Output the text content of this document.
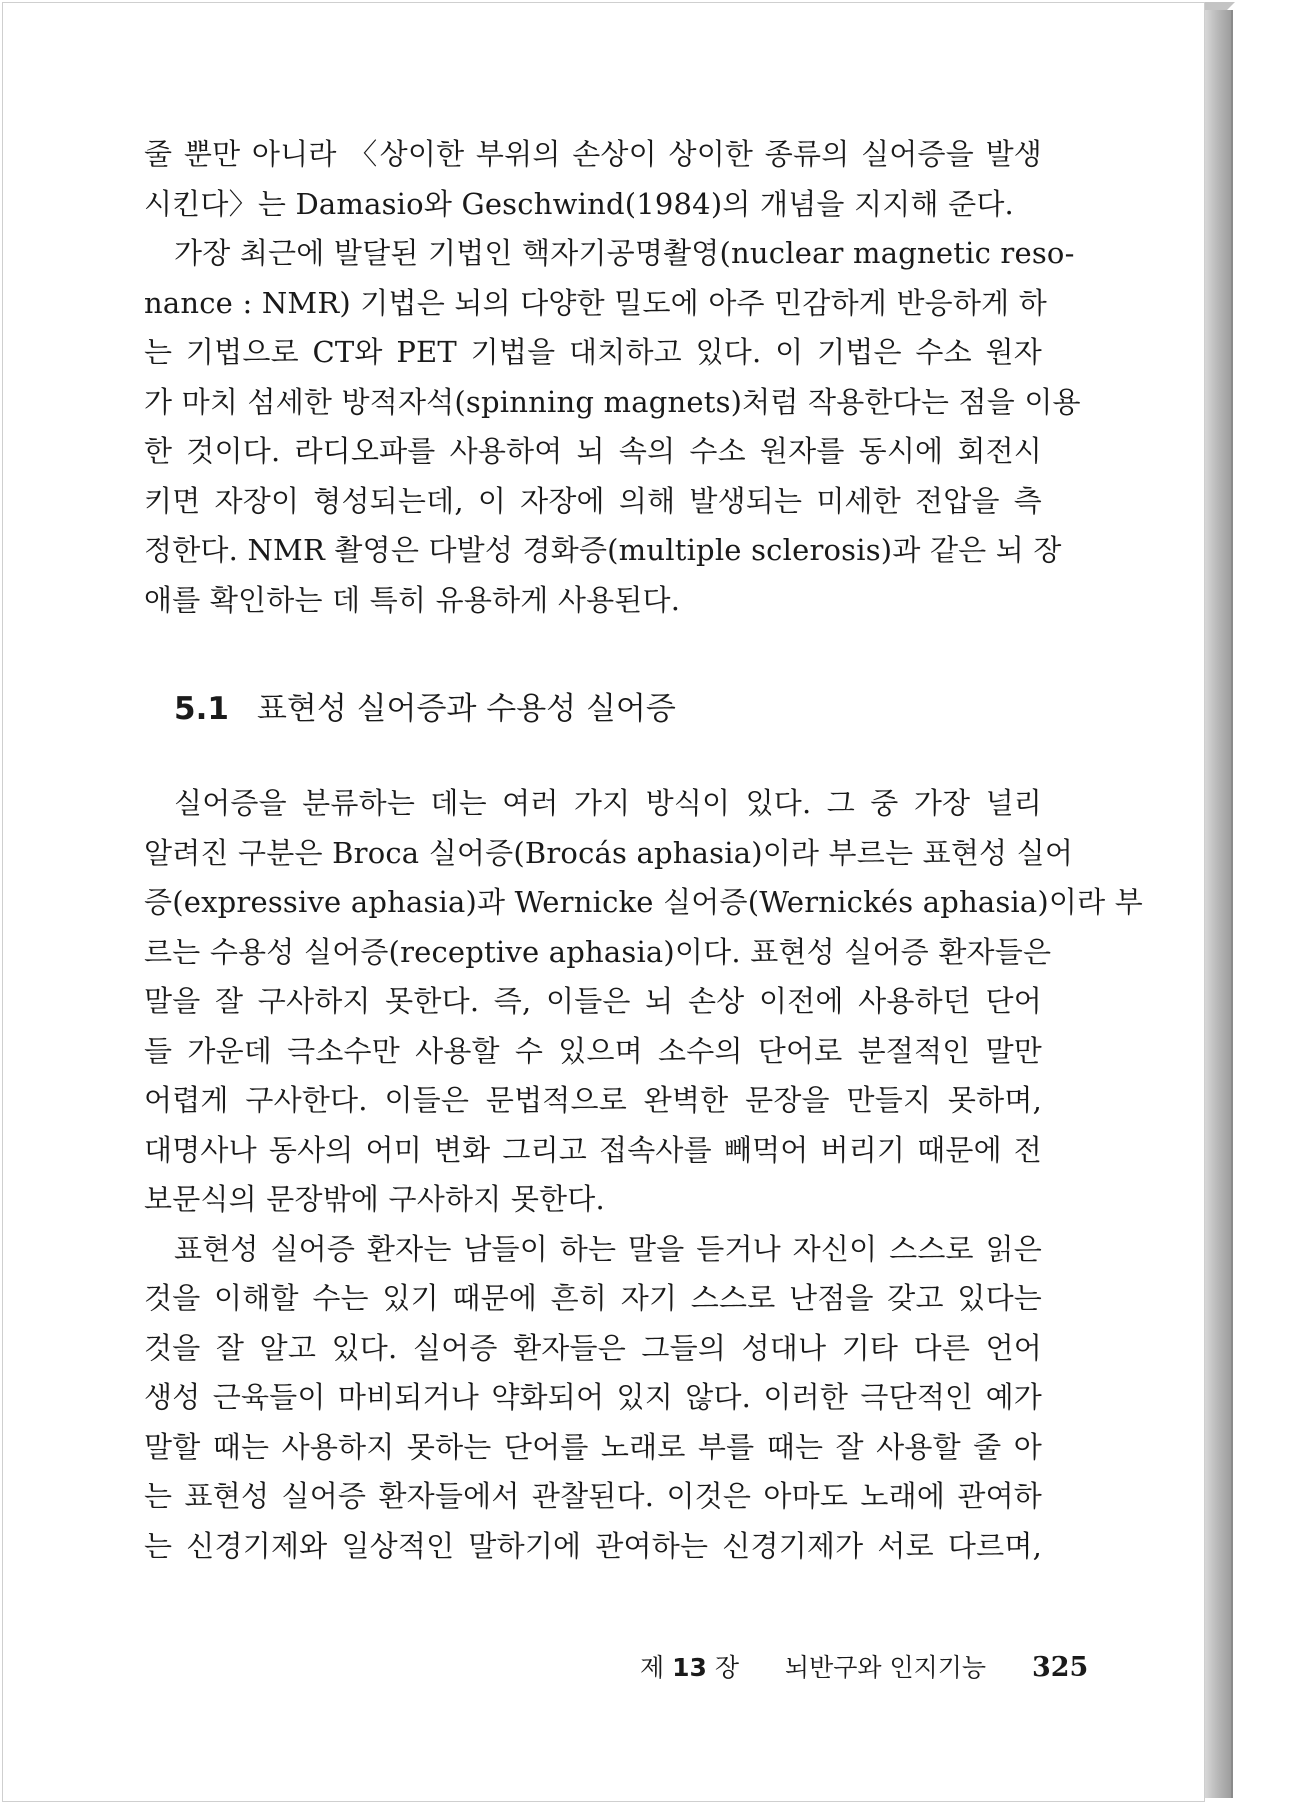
줄 뿐만 아니라 〈상이한 부위의 손상이 상이한 종류의 실어증을 발생
시킨다〉는 Damasio와 Geschwind(1984)의 개념을 지지해 준다.
가장 최근에 발달된 기법인 핵자기공명촬영(nuclear magnetic reso-
nance : NMR) 기법은 뇌의 다양한 밀도에 아주 민감하게 반응하게 하
는 기법으로 CT와 PET 기법을 대치하고 있다. 이 기법은 수소 원자
가 마치 섬세한 방적자석(spinning magnets)처럼 작용한다는 점을 이용
한 것이다. 라디오파를 사용하여 뇌 속의 수소 원자를 동시에 회전시
키면 자장이 형성되는데, 이 자장에 의해 발생되는 미세한 전압을 측
정한다. NMR 촬영은 다발성 경화증(multiple sclerosis)과 같은 뇌 장
애를 확인하는 데 특히 유용하게 사용된다.
5.1 표현성 실어증과 수용성 실어증
실어증을 분류하는 데는 여러 가지 방식이 있다. 그 중 가장 널리
알려진 구분은 Broca 실어증(Brocás aphasia)이라 부르는 표현성 실어
증(expressive aphasia)과 Wernicke 실어증(Wernickés aphasia)이라 부
르는 수용성 실어증(receptive aphasia)이다. 표현성 실어증 환자들은
말을 잘 구사하지 못한다. 즉, 이들은 뇌 손상 이전에 사용하던 단어
들 가운데 극소수만 사용할 수 있으며 소수의 단어로 분절적인 말만
어렵게 구사한다. 이들은 문법적으로 완벽한 문장을 만들지 못하며,
대명사나 동사의 어미 변화 그리고 접속사를 빼먹어 버리기 때문에 전
보문식의 문장밖에 구사하지 못한다.
표현성 실어증 환자는 남들이 하는 말을 듣거나 자신이 스스로 읽은
것을 이해할 수는 있기 때문에 흔히 자기 스스로 난점을 갖고 있다는
것을 잘 알고 있다. 실어증 환자들은 그들의 성대나 기타 다른 언어
생성 근육들이 마비되거나 약화되어 있지 않다. 이러한 극단적인 예가
말할 때는 사용하지 못하는 단어를 노래로 부를 때는 잘 사용할 줄 아
는 표현성 실어증 환자들에서 관찰된다. 이것은 아마도 노래에 관여하
는 신경기제와 일상적인 말하기에 관여하는 신경기제가 서로 다르며,
제 13 장 뇌반구와 인지기능 325
